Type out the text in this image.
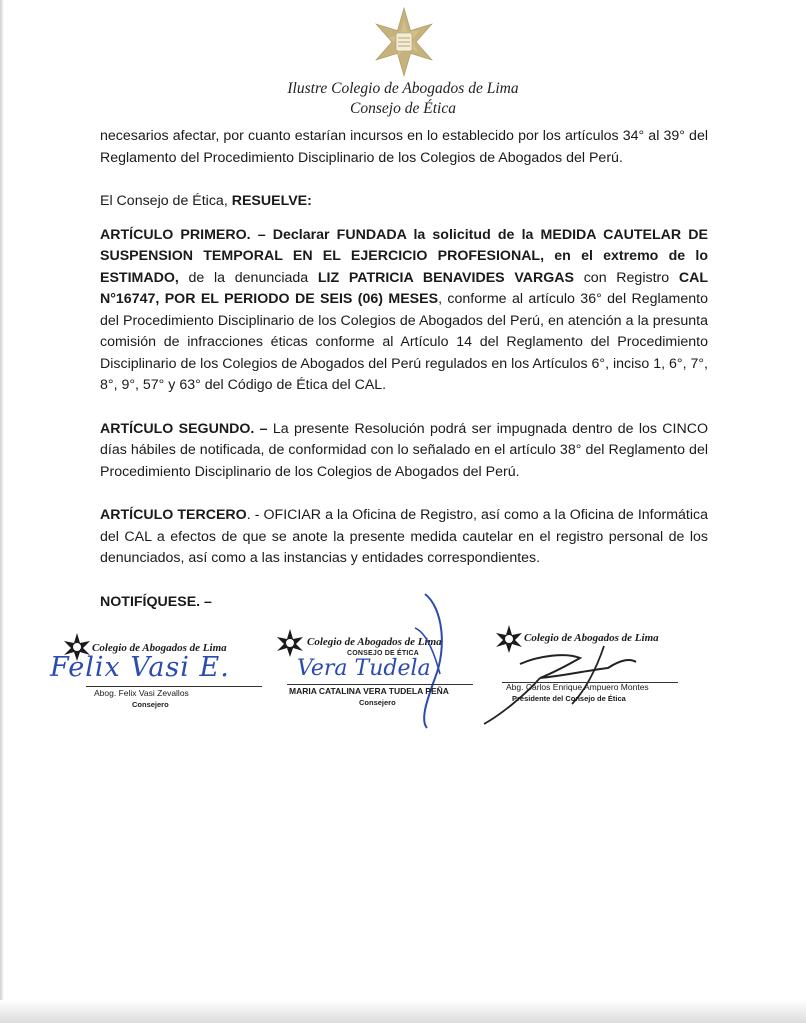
Ilustre Colegio de Abogados de Lima
Consejo de Ética

necesarios afectar, por cuanto estarían incursos en lo establecido por los artículos 34° al 39° del Reglamento del Procedimiento Disciplinario de los Colegios de Abogados del Perú.

El Consejo de Ética, RESUELVE:

ARTÍCULO PRIMERO. – Declarar FUNDADA la solicitud de la MEDIDA CAUTELAR DE SUSPENSION TEMPORAL EN EL EJERCICIO PROFESIONAL, en el extremo de lo ESTIMADO, de la denunciada LIZ PATRICIA BENAVIDES VARGAS con Registro CAL N°16747, POR EL PERIODO DE SEIS (06) MESES, conforme al artículo 36° del Reglamento del Procedimiento Disciplinario de los Colegios de Abogados del Perú, en atención a la presunta comisión de infracciones éticas conforme al Artículo 14 del Reglamento del Procedimiento Disciplinario de los Colegios de Abogados del Perú regulados en los Artículos 6°, inciso 1, 6°, 7°, 8°, 9°, 57° y 63° del Código de Ética del CAL.

ARTÍCULO SEGUNDO. – La presente Resolución podrá ser impugnada dentro de los CINCO días hábiles de notificada, de conformidad con lo señalado en el artículo 38° del Reglamento del Procedimiento Disciplinario de los Colegios de Abogados del Perú.

ARTÍCULO TERCERO. - OFICIAR a la Oficina de Registro, así como a la Oficina de Informática del CAL a efectos de que se anote la presente medida cautelar en el registro personal de los denunciados, así como a las instancias y entidades correspondientes.

NOTIFÍQUESE. –

Colegio de Abogados de Lima
Felix Vasi E.
Abog. Felix Vasi Zevallos
Consejero
Colegio de Abogados de Lima
CONSEJO DE ÉTICA
Vera Tudela
MARIA CATALINA VERA TUDELA PEÑA
Consejero
Colegio de Abogados de Lima
Abg. Carlos Enrique Ampuero Montes
Presidente del Consejo de Ética
